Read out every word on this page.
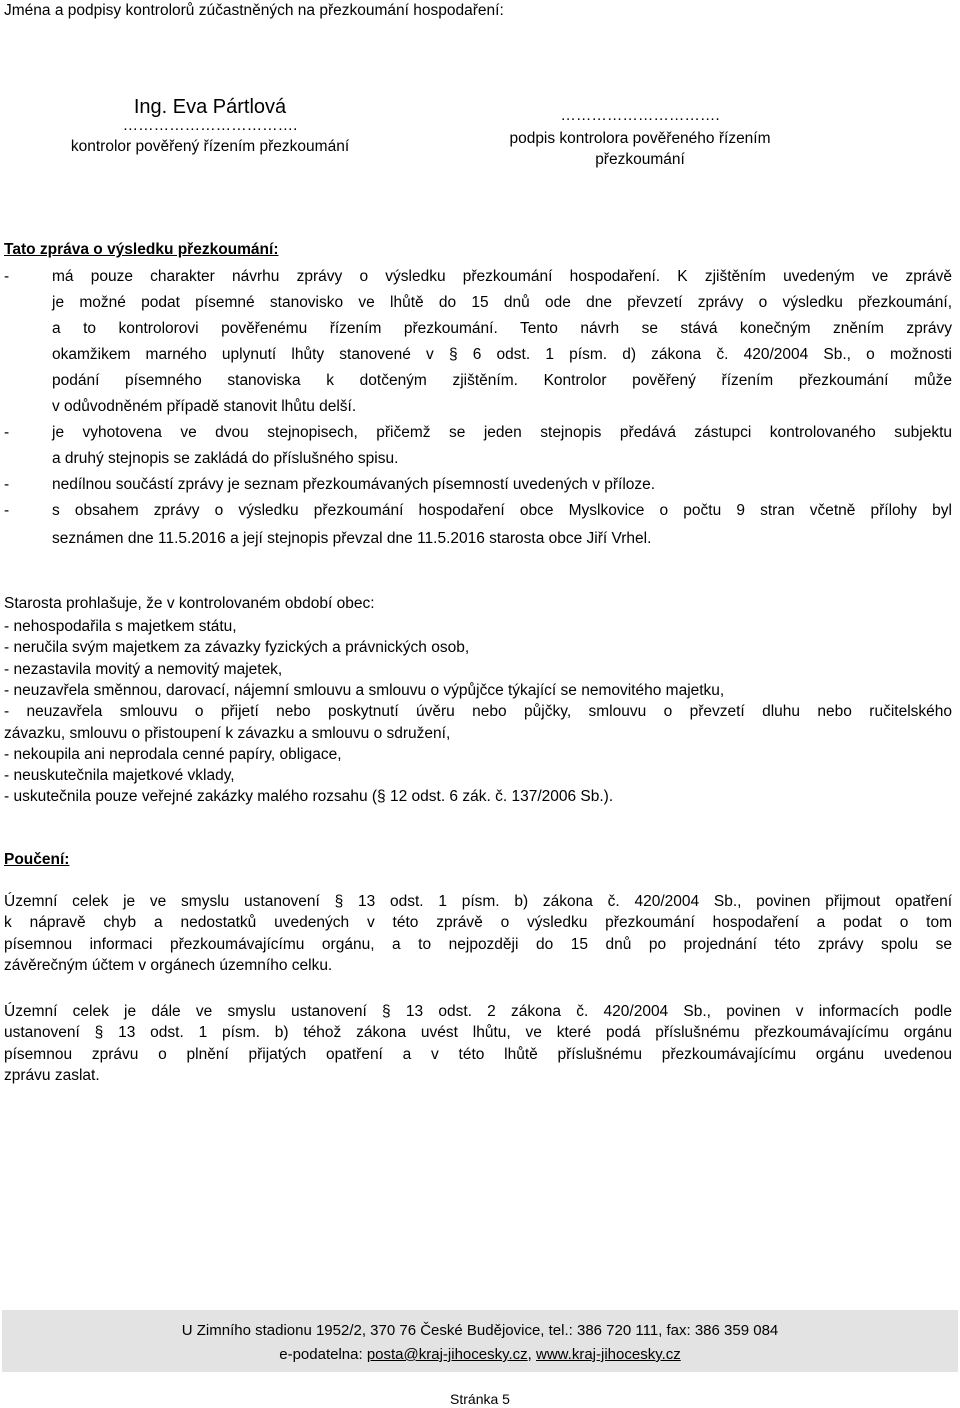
Jména a podpisy kontrolorů zúčastněných na přezkoumání hospodaření:
Ing. Eva Pártlová
…………………………….
kontrolor pověřený řízením přezkoumání
………………………….
podpis kontrolora pověřeného řízením
přezkoumání
Tato zpráva o výsledku přezkoumání:
-	má pouze charakter návrhu zprávy o výsledku přezkoumání hospodaření. K zjištěním uvedeným ve zprávě
je možné podat písemné stanovisko ve lhůtě do 15 dnů ode dne převzetí zprávy o výsledku přezkoumání,
a to kontrolorovi pověřenému řízením přezkoumání. Tento návrh se stává konečným zněním zprávy
okamžikem marného uplynutí lhůty stanovené v § 6 odst. 1 písm. d) zákona č. 420/2004 Sb., o možnosti
podání písemného stanoviska k dotčeným zjištěním. Kontrolor pověřený řízením přezkoumání může
v odůvodněném případě stanovit lhůtu delší.
-	je vyhotovena ve dvou stejnopisech, přičemž se jeden stejnopis předává zástupci kontrolovaného subjektu
a druhý stejnopis se zakládá do příslušného spisu.
-	nedílnou součástí zprávy je seznam přezkoumávaných písemností uvedených v příloze.
-	s obsahem zprávy o výsledku přezkoumání hospodaření obce Myslkovice o počtu 9 stran včetně přílohy byl
seznámen dne 11.5.2016 a její stejnopis převzal dne 11.5.2016 starosta obce Jiří Vrhel.
Starosta prohlašuje, že v kontrolovaném období obec:
- nehospodařila s majetkem státu,
- neručila svým majetkem za závazky fyzických a právnických osob,
- nezastavila movitý a nemovitý majetek,
- neuzavřela směnnou, darovací, nájemní smlouvu a smlouvu o výpůjčce týkající se nemovitého majetku,
- neuzavřela smlouvu o přijetí nebo poskytnutí úvěru nebo půjčky, smlouvu o převzetí dluhu nebo ručitelského
závazku, smlouvu o přistoupení k závazku a smlouvu o sdružení,
- nekoupila ani neprodala cenné papíry, obligace,
- neuskutečnila majetkové vklady,
- uskutečnila pouze veřejné zakázky malého rozsahu (§ 12 odst. 6 zák. č. 137/2006 Sb.).
Poučení:
Územní celek je ve smyslu ustanovení § 13 odst. 1 písm. b) zákona č. 420/2004 Sb., povinen přijmout opatření
k nápravě chyb a nedostatků uvedených v této zprávě o výsledku přezkoumání hospodaření a podat o tom
písemnou informaci přezkoumávajícímu orgánu, a to nejpozději do 15 dnů po projednání této zprávy spolu se
závěrečným účtem v orgánech územního celku.
Územní celek je dále ve smyslu ustanovení § 13 odst. 2 zákona č. 420/2004 Sb., povinen v informacích podle
ustanovení § 13 odst. 1 písm. b) téhož zákona uvést lhůtu, ve které podá příslušnému přezkoumávajícímu orgánu
písemnou zprávu o plnění přijatých opatření a v této lhůtě příslušnému přezkoumávajícímu orgánu uvedenou
zprávu zaslat.
U Zimního stadionu 1952/2, 370 76 České Budějovice, tel.: 386 720 111, fax: 386 359 084
e-podatelna: posta@kraj-jihocesky.cz, www.kraj-jihocesky.cz
Stránka 5
